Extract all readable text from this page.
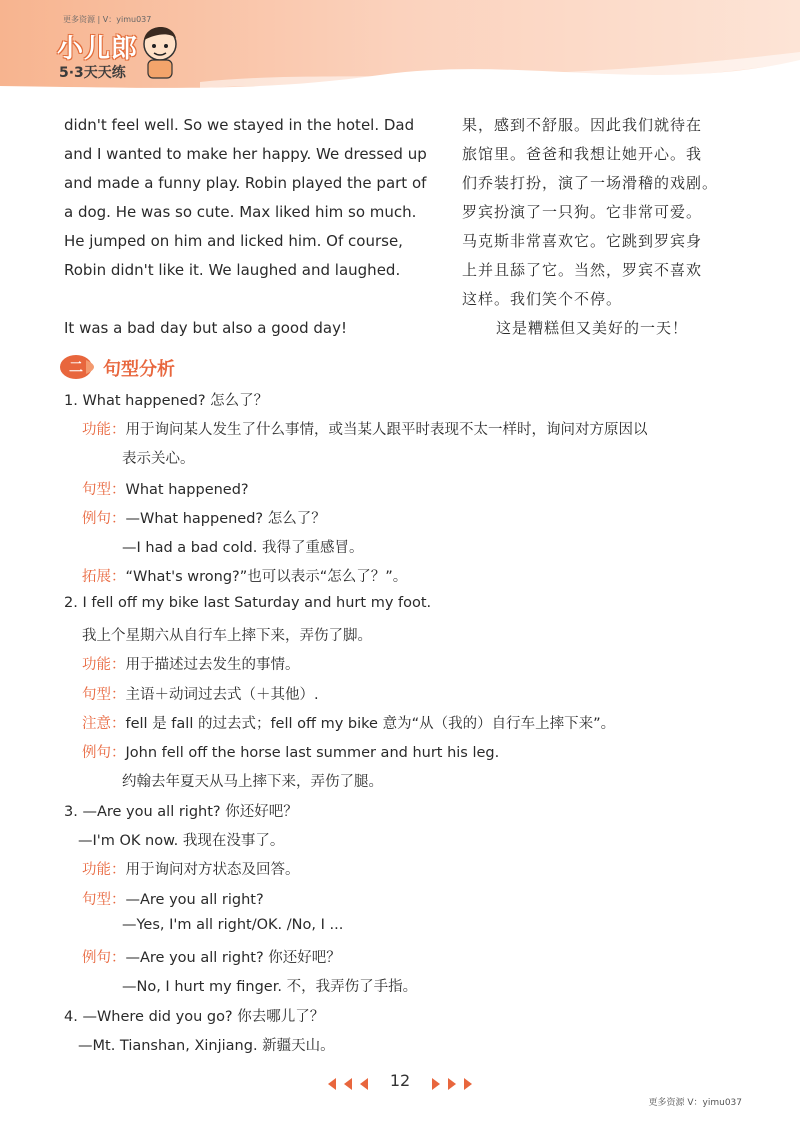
更多资源 | V：yimu037
小儿郎
5·3天天练
didn't feel well. So we stayed in the hotel. Dad
and I wanted to make her happy. We dressed up
and made a funny play. Robin played the part of
a dog. He was so cute. Max liked him so much.
He jumped on him and licked him. Of course,
Robin didn't like it. We laughed and laughed.
It was a bad day but also a good day!
果，感到不舒服。因此我们就待在
旅馆里。爸爸和我想让她开心。我
们乔装打扮，演了一场滑稽的戏剧。
罗宾扮演了一只狗。它非常可爱。
马克斯非常喜欢它。它跳到罗宾身
上并且舔了它。当然，罗宾不喜欢
这样。我们笑个不停。
这是糟糕但又美好的一天！
二 句型分析
1. What happened? 怎么了？
功能：用于询问某人发生了什么事情，或当某人跟平时表现不太一样时，询问对方原因以
表示关心。
句型：What happened?
例句：—What happened? 怎么了？
—I had a bad cold. 我得了重感冒。
拓展：“What's wrong?”也可以表示“怎么了？”。
2. I fell off my bike last Saturday and hurt my foot.
我上个星期六从自行车上摔下来，弄伤了脚。
功能：用于描述过去发生的事情。
句型：主语＋动词过去式（＋其他）.
注意：fell 是 fall 的过去式；fell off my bike 意为“从（我的）自行车上摔下来”。
例句：John fell off the horse last summer and hurt his leg.
约翰去年夏天从马上摔下来，弄伤了腿。
3. —Are you all right? 你还好吧？
—I'm OK now. 我现在没事了。
功能：用于询问对方状态及回答。
句型：—Are you all right?
—Yes, I'm all right/OK. /No, I ...
例句：—Are you all right? 你还好吧？
—No, I hurt my finger. 不，我弄伤了手指。
4. —Where did you go? 你去哪儿了？
—Mt. Tianshan, Xinjiang. 新疆天山。
12
更多资源 V：yimu037
